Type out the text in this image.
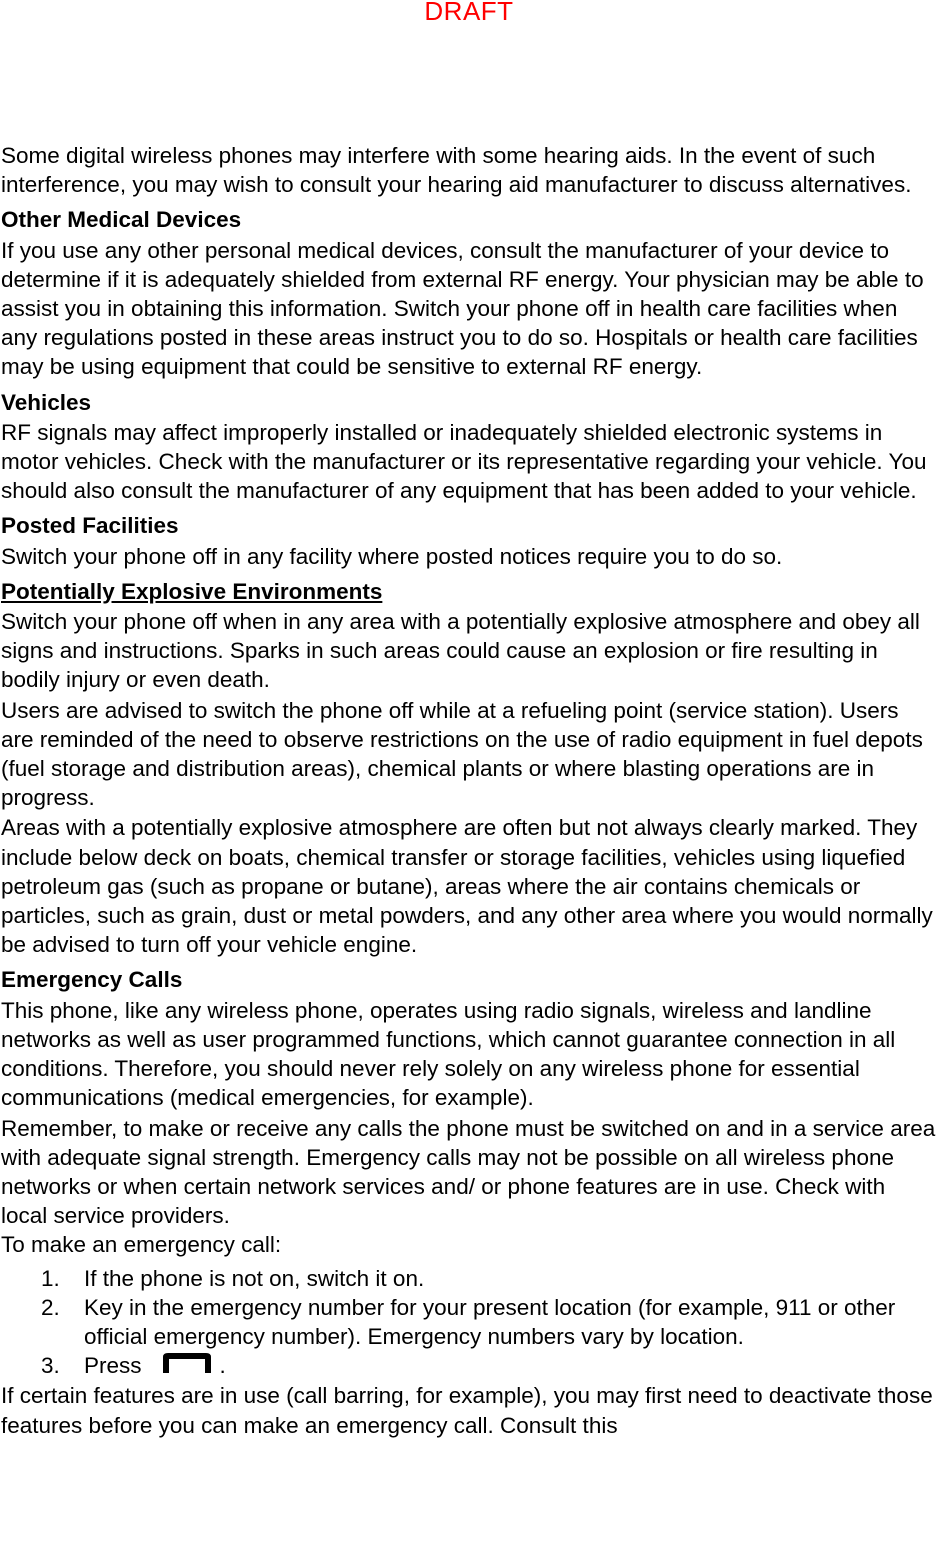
DRAFT

Some digital wireless phones may interfere with some hearing aids. In the event of such interference, you may wish to consult your hearing aid manufacturer to discuss alternatives.

Other Medical Devices

If you use any other personal medical devices, consult the manufacturer of your device to determine if it is adequately shielded from external RF energy. Your physician may be able to assist you in obtaining this information. Switch your phone off in health care facilities when any regulations posted in these areas instruct you to do so. Hospitals or health care facilities may be using equipment that could be sensitive to external RF energy.

Vehicles

RF signals may affect improperly installed or inadequately shielded electronic systems in motor vehicles. Check with the manufacturer or its representative regarding your vehicle. You should also consult the manufacturer of any equipment that has been added to your vehicle.

Posted Facilities

Switch your phone off in any facility where posted notices require you to do so.

Potentially Explosive Environments

Switch your phone off when in any area with a potentially explosive atmosphere and obey all signs and instructions. Sparks in such areas could cause an explosion or fire resulting in bodily injury or even death.

Users are advised to switch the phone off while at a refueling point (service station). Users are reminded of the need to observe restrictions on the use of radio equipment in fuel depots (fuel storage and distribution areas), chemical plants or where blasting operations are in progress.

Areas with a potentially explosive atmosphere are often but not always clearly marked. They include below deck on boats, chemical transfer or storage facilities, vehicles using liquefied petroleum gas (such as propane or butane), areas where the air contains chemicals or particles, such as grain, dust or metal powders, and any other area where you would normally be advised to turn off your vehicle engine.

Emergency Calls

This phone, like any wireless phone, operates using radio signals, wireless and landline networks as well as user programmed functions, which cannot guarantee connection in all conditions. Therefore, you should never rely solely on any wireless phone for essential communications (medical emergencies, for example).

Remember, to make or receive any calls the phone must be switched on and in a service area with adequate signal strength. Emergency calls may not be possible on all wireless phone networks or when certain network services and/ or phone features are in use. Check with local service providers.

To make an emergency call:

1. If the phone is not on, switch it on.
2. Key in the emergency number for your present location (for example, 911 or other official emergency number). Emergency numbers vary by location.
3. Press	.

If certain features are in use (call barring, for example), you may first need to deactivate those features before you can make an emergency call. Consult this
